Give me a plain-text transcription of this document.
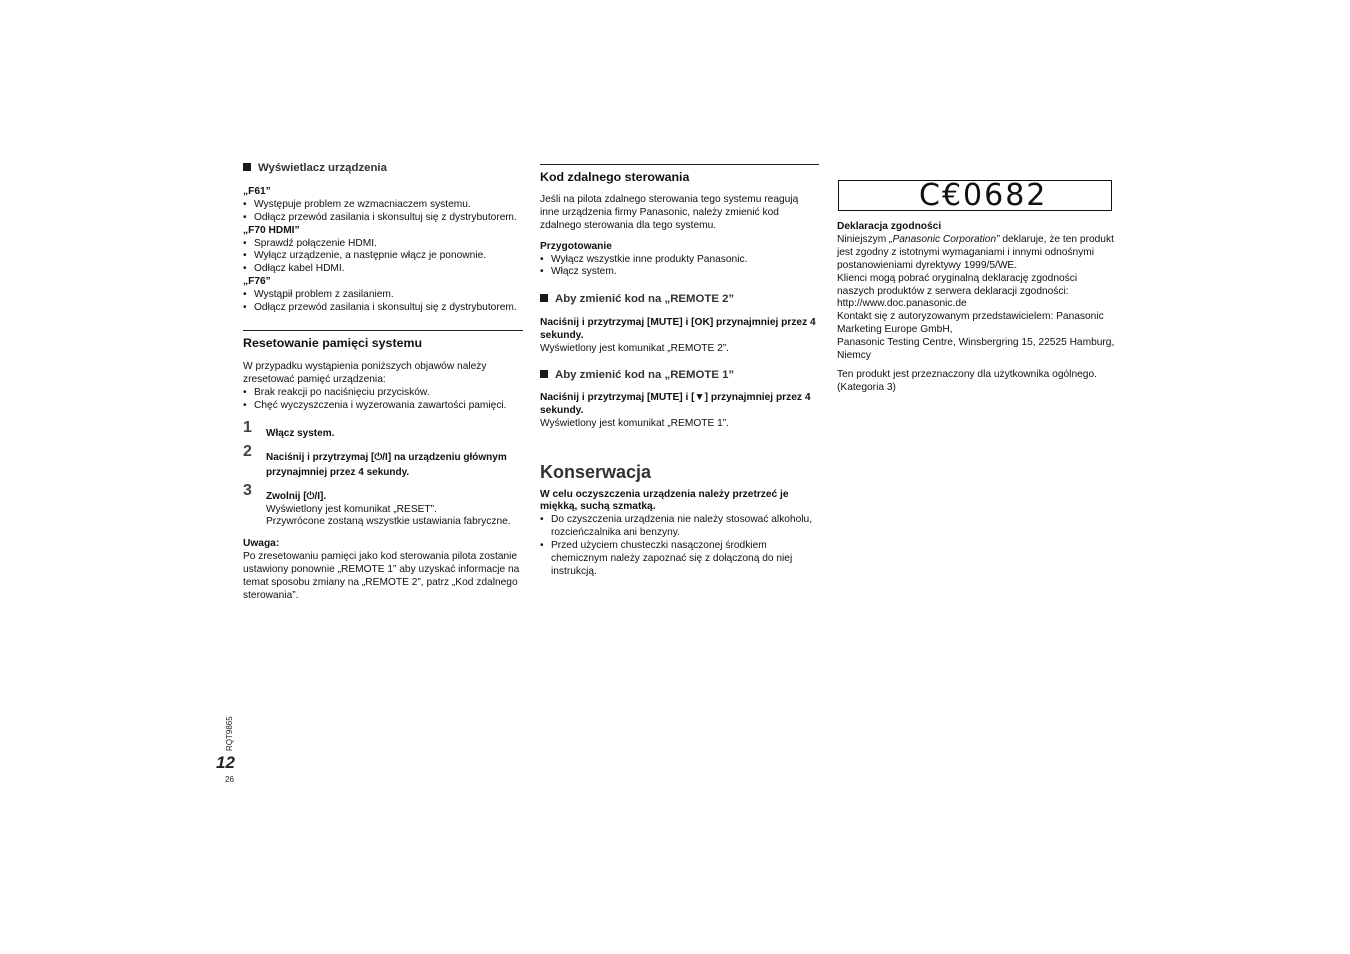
Wyświetlacz urządzenia

„F61”

• Występuje problem ze wzmacniaczem systemu.
• Odłącz przewód zasilania i skonsultuj się z dystrybutorem.

„F70 HDMI”

• Sprawdź połączenie HDMI.
• Wyłącz urządzenie, a następnie włącz je ponownie.
• Odłącz kabel HDMI.

„F76”

• Wystąpił problem z zasilaniem.
• Odłącz przewód zasilania i skonsultuj się z dystrybutorem.

Resetowanie pamięci systemu

W przypadku wystąpienia poniższych objawów należy zresetować pamięć urządzenia:

• Brak reakcji po naciśnięciu przycisków.
• Chęć wyczyszczenia i wyzerowania zawartości pamięci.
1 Włącz system.

2 Naciśnij i przytrzymaj [⏻/I] na urządzeniu głównym przynajmniej przez 4 sekundy.

3 Zwolnij [⏻/I].

Wyświetlony jest komunikat „RESET”.

Przywrócone zostaną wszystkie ustawiania fabryczne.

Uwaga:

Po zresetowaniu pamięci jako kod sterowania pilota zostanie ustawiony ponownie „REMOTE 1” aby uzyskać informacje na temat sposobu zmiany na „REMOTE 2”, patrz „Kod zdalnego sterowania”.

Kod zdalnego sterowania

Jeśli na pilota zdalnego sterowania tego systemu reagują inne urządzenia firmy Panasonic, należy zmienić kod zdalnego sterowania dla tego systemu.

Przygotowanie

• Wyłącz wszystkie inne produkty Panasonic.
• Włącz system.

Aby zmienić kod na „REMOTE 2”

Naciśnij i przytrzymaj [MUTE] i [OK] przynajmniej przez 4 sekundy.

Wyświetlony jest komunikat „REMOTE 2”.

Aby zmienić kod na „REMOTE 1”

Naciśnij i przytrzymaj [MUTE] i [▼] przynajmniej przez 4 sekundy.

Wyświetlony jest komunikat „REMOTE 1”.

Konserwacja

W celu oczyszczenia urządzenia należy przetrzeć je miękką, suchą szmatką.

• Do czyszczenia urządzenia nie należy stosować alkoholu, rozcieńczalnika ani benzyny.
• Przed użyciem chusteczki nasączonej środkiem chemicznym należy zapoznać się z dołączoną do niej instrukcją.
C€0682

Deklaracja zgodności

Niniejszym „Panasonic Corporation” deklaruje, że ten produkt jest zgodny z istotnymi wymaganiami i innymi odnośnymi postanowieniami dyrektywy 1999/5/WE.

Klienci mogą pobrać oryginalną deklarację zgodności naszych produktów z serwera deklaracji zgodności:

http://www.doc.panasonic.de

Kontakt się z autoryzowanym przedstawicielem: Panasonic Marketing Europe GmbH,

Panasonic Testing Centre, Winsbergring 15, 22525 Hamburg, Niemcy

Ten produkt jest przeznaczony dla użytkownika ogólnego. (Kategoria 3)

RQT9865
12
26
